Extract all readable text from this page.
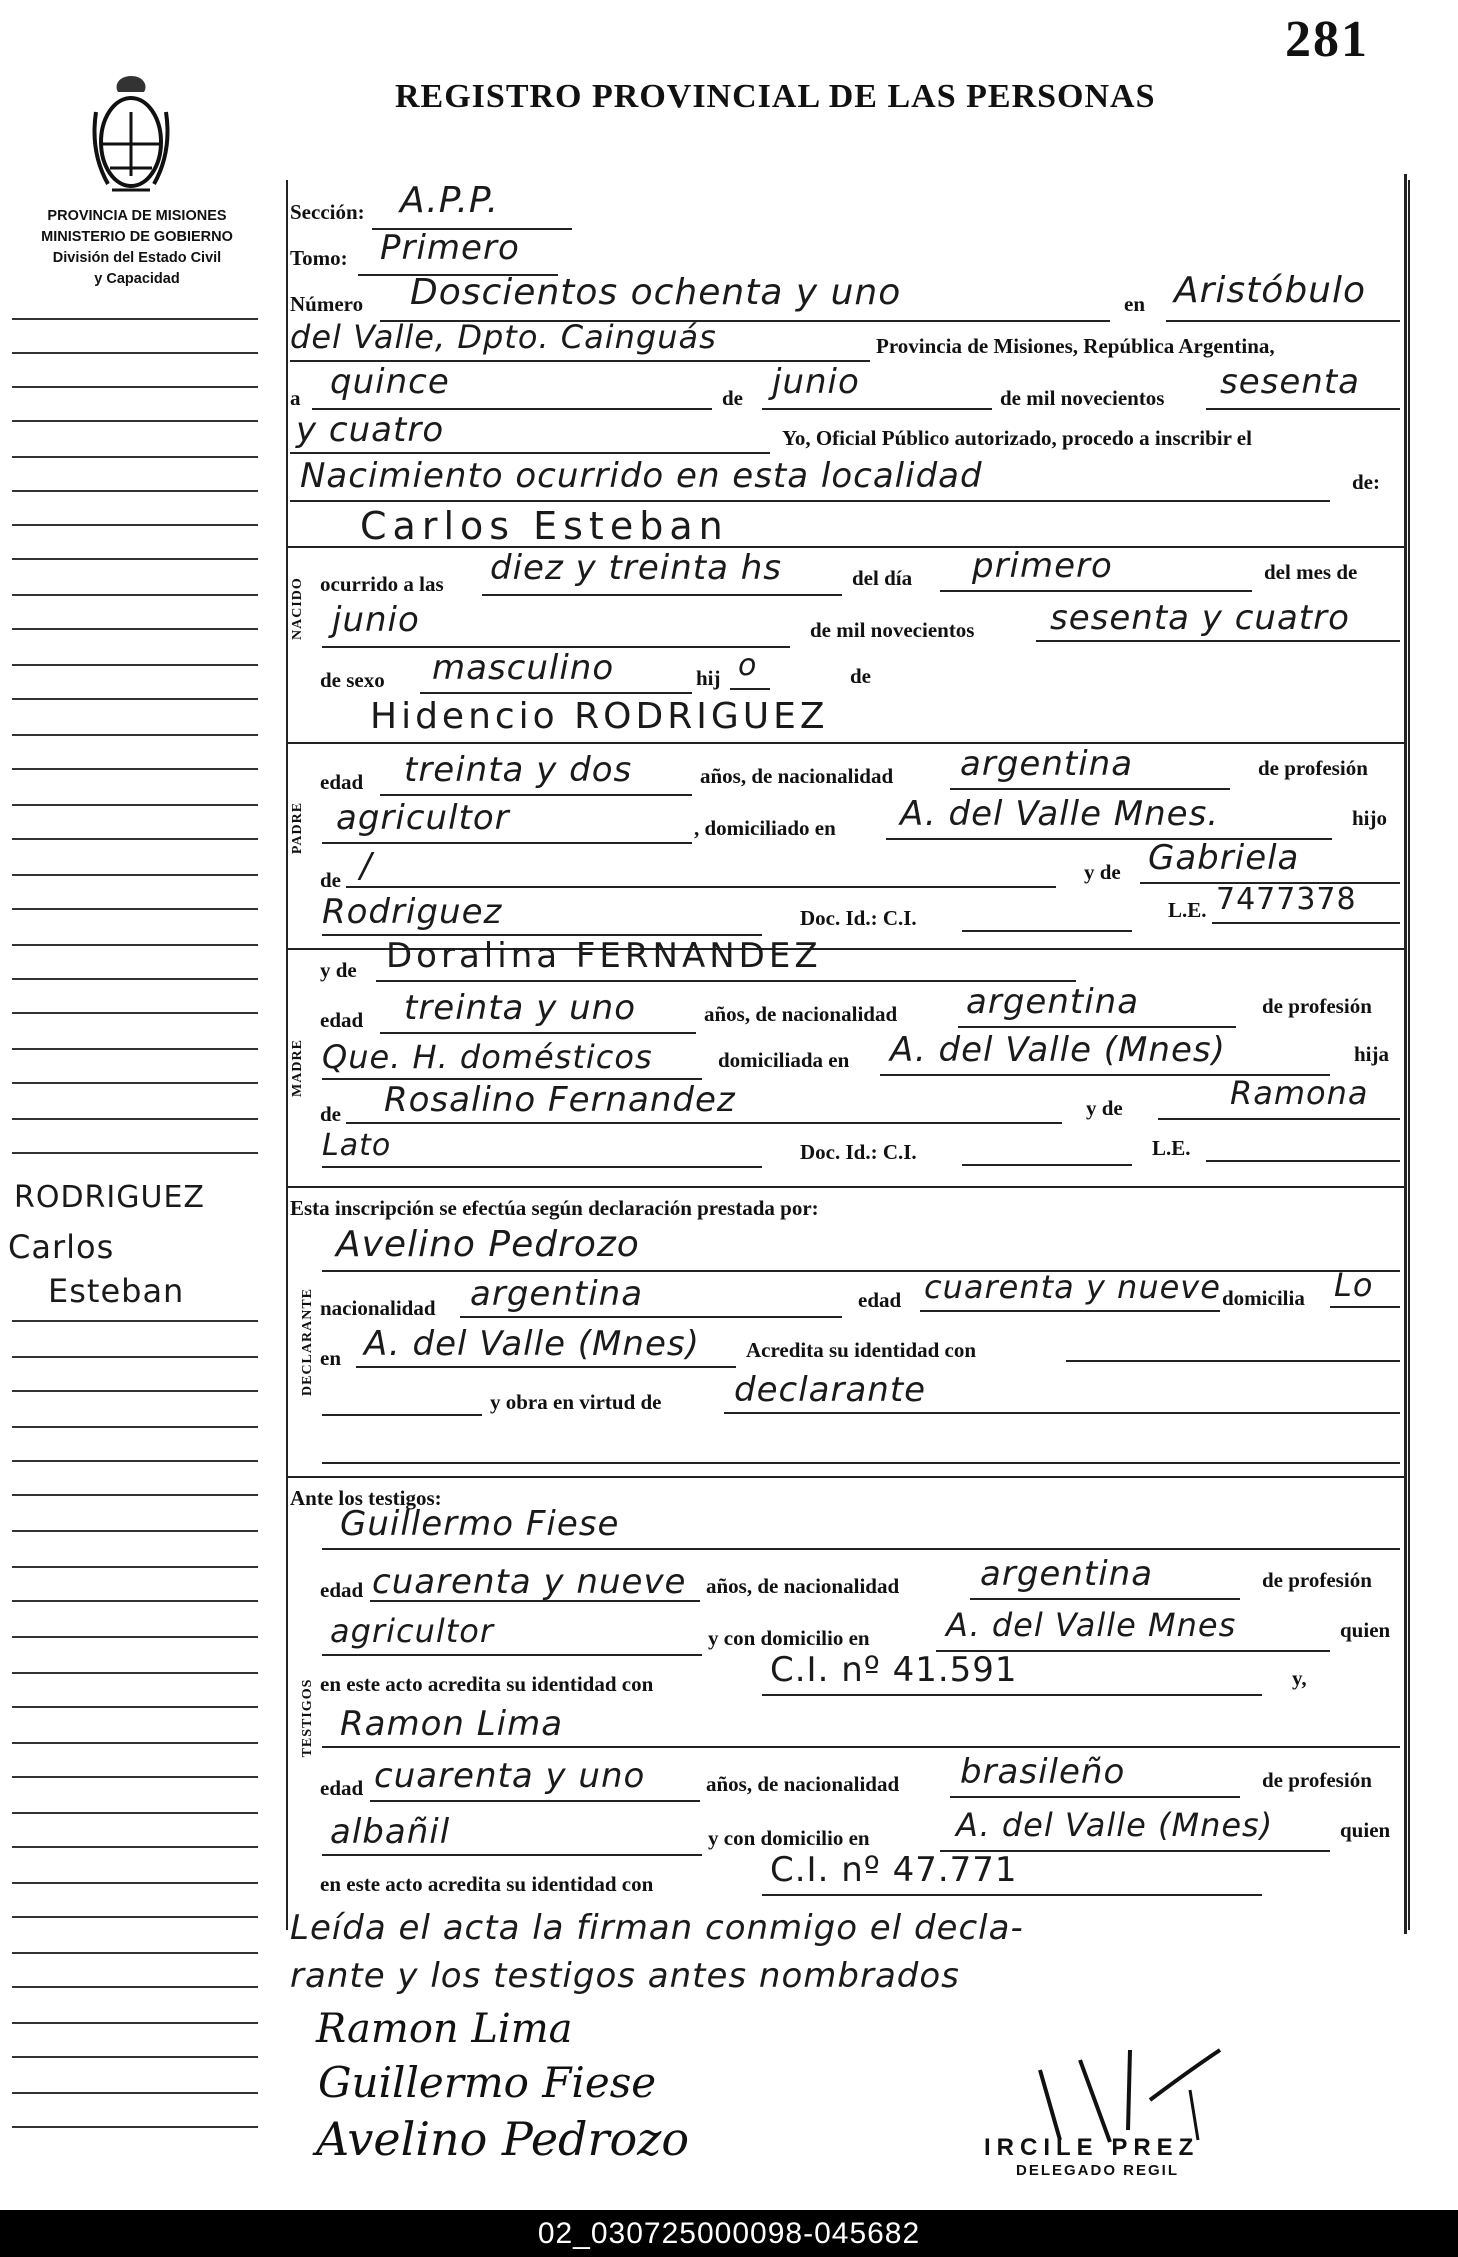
281
REGISTRO PROVINCIAL DE LAS PERSONAS
PROVINCIA DE MISIONES
MINISTERIO DE GOBIERNO
División del Estado Civil
y Capacidad
RODRIGUEZ
Carlos
Esteban
Sección: A.P.P.
Tomo: Primero
Número Doscientos ochenta y uno	en Aristóbulo
del Valle, Dpto. Cainguás	Provincia de Misiones, República Argentina,
a quince	de junio	de mil novecientos sesenta
y cuatro	Yo, Oficial Público autorizado, procedo a inscribir el
Nacimiento ocurrido en esta localidad	de:
Carlos Esteban
NACIDO ocurrido a las diez y treinta hs	del día primero	del mes de
junio	de mil novecientos sesenta y cuatro
de sexo masculino	hij o	de
Hidencio RODRIGUEZ
PADRE
edad treinta y dos	años, de nacionalidad argentina	de profesión
agricultor	, domiciliado en A. del Valle Mnes.	hijo
de /	y de Gabriela
Rodriguez	Doc. Id.: C.I.	L.E. 7477378
y de Doralina FERNANDEZ
MADRE
edad treinta y uno	años, de nacionalidad argentina	de profesión
Que. H. domésticos	domiciliada en A. del Valle (Mnes)	hija
de Rosalino Fernandez	y de	Ramona
Lato	Doc. Id.: C.I.	L.E.
Esta inscripción se efectúa según declaración prestada por:
Avelino Pedrozo
DECLARANTE nacionalidad argentina	edad cuarenta y nueve domicilia Lo
en A. del Valle (Mnes) Acredita su identidad con
y obra en virtud de declarante
Ante los testigos:
Guillermo Fiese
TESTIGOS
edad cuarenta y nueve años, de nacionalidad argentina	de profesión
agricultor	y con domicilio en A. del Valle Mnes	quien
en este acto acredita su identidad con	C.I. nº 41.591	y,
Ramon Lima
edad cuarenta y uno	años, de nacionalidad brasileño	de profesión
albañil	y con domicilio en	A. del Valle (Mnes)	quien
en este acto acredita su identidad con	C.I. nº 47.771
Leída el acta la firman conmigo el decla-
rante y los testigos antes nombrados
Ramon Lima
Guillermo Fiese
Avelino Pedrozo	IRCILE PREZ
DELEGADO REGIL
02_030725000098-045682
